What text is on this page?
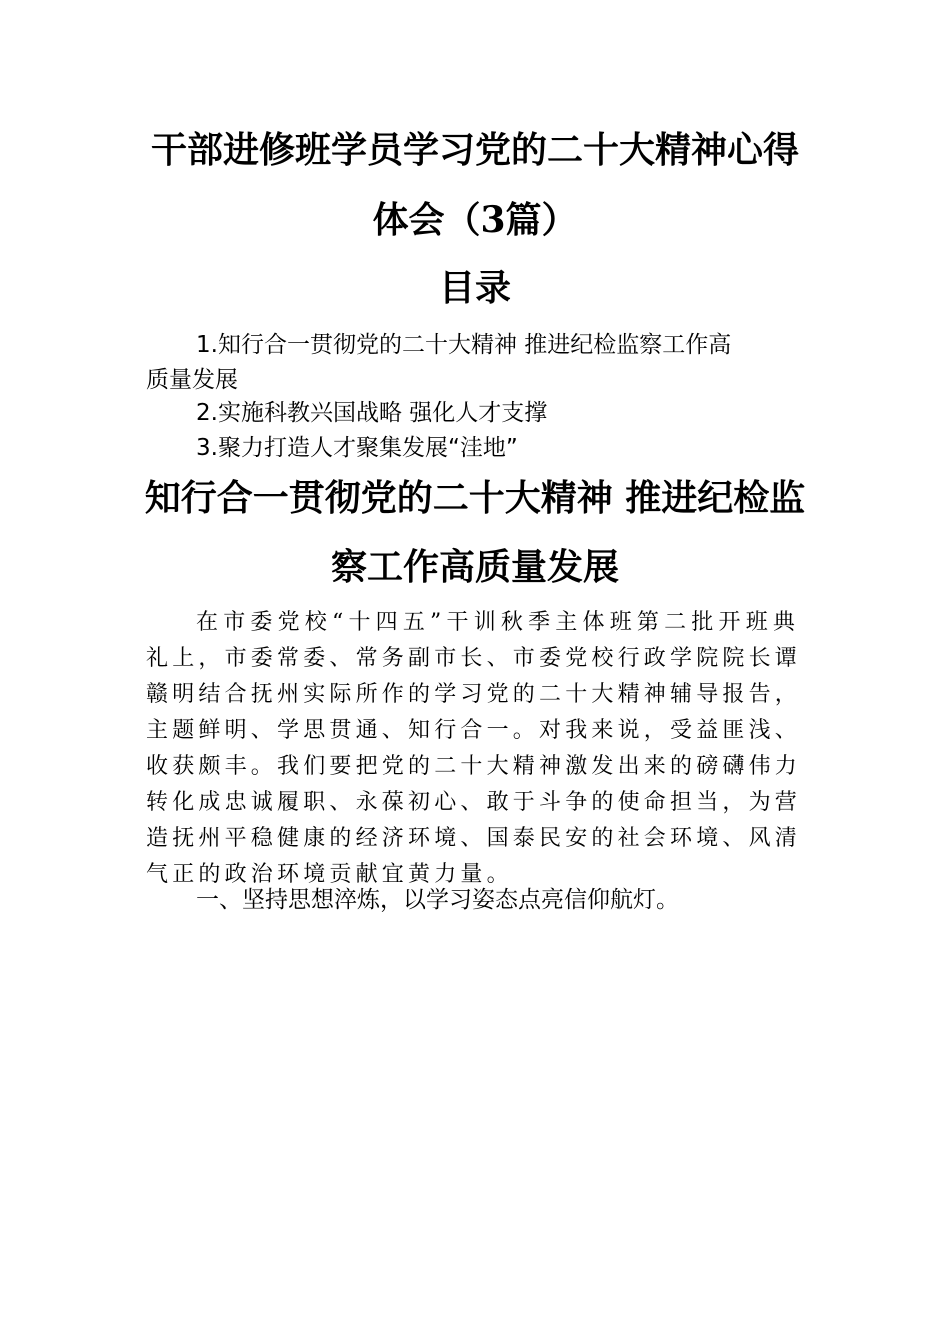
干部进修班学员学习党的二十大精神心得
体会（3篇）
目录
1.知行合一贯彻党的二十大精神 推进纪检监察工作高
质量发展
2.实施科教兴国战略 强化人才支撑
3.聚力打造人才聚集发展“洼地”
知行合一贯彻党的二十大精神 推进纪检监
察工作高质量发展
在市委党校“十四五”干训秋季主体班第二批开班典
礼上，市委常委、常务副市长、市委党校行政学院院长谭
赣明结合抚州实际所作的学习党的二十大精神辅导报告，
主题鲜明、学思贯通、知行合一。对我来说，受益匪浅、
收获颇丰。我们要把党的二十大精神激发出来的磅礴伟力
转化成忠诚履职、永葆初心、敢于斗争的使命担当，为营
造抚州平稳健康的经济环境、国泰民安的社会环境、风清
气正的政治环境贡献宜黄力量。
一、坚持思想淬炼，以学习姿态点亮信仰航灯。
